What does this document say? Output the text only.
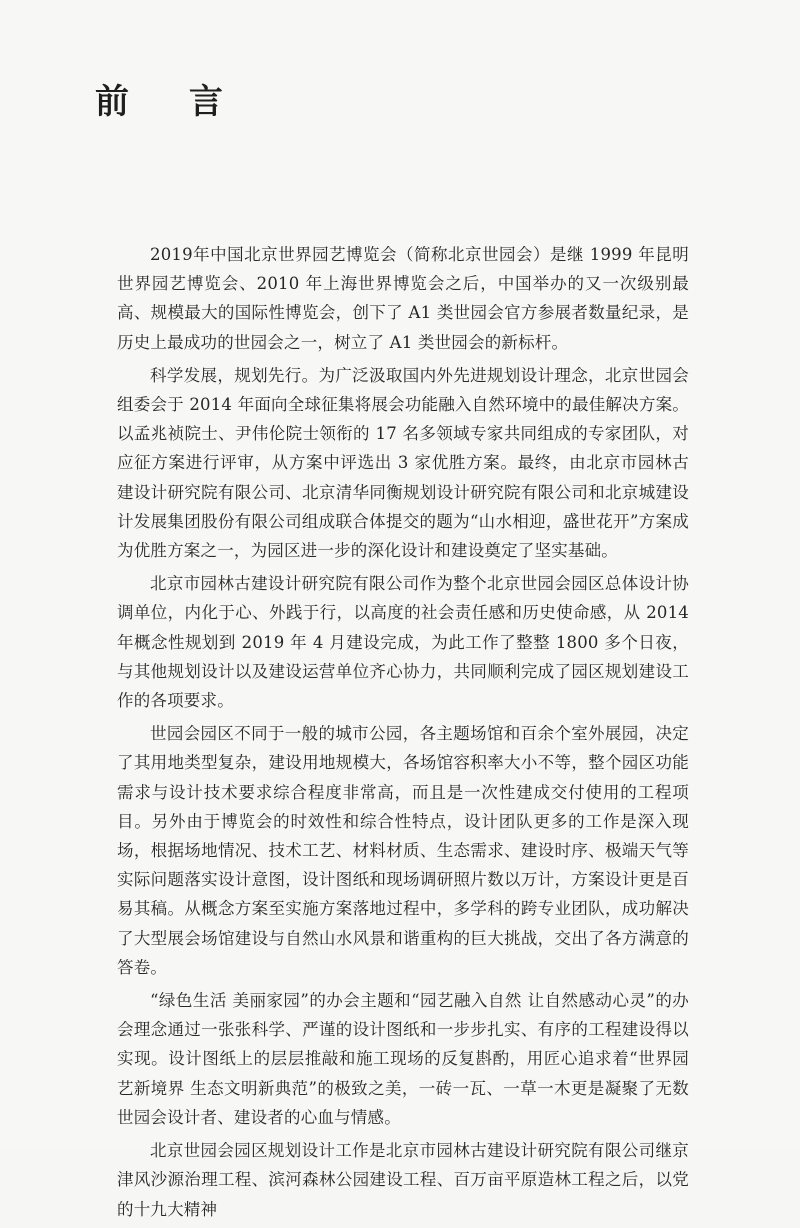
前 言

2019年中国北京世界园艺博览会（简称北京世园会）是继 1999 年昆明世界园艺博览会、2010 年上海世界博览会之后，中国举办的又一次级别最高、规模最大的国际性博览会，创下了 A1 类世园会官方参展者数量纪录，是历史上最成功的世园会之一，树立了 A1 类世园会的新标杆。

科学发展，规划先行。为广泛汲取国内外先进规划设计理念，北京世园会组委会于 2014 年面向全球征集将展会功能融入自然环境中的最佳解决方案。以孟兆祯院士、尹伟伦院士领衔的 17 名多领域专家共同组成的专家团队，对应征方案进行评审，从方案中评选出 3 家优胜方案。最终，由北京市园林古建设计研究院有限公司、北京清华同衡规划设计研究院有限公司和北京城建设计发展集团股份有限公司组成联合体提交的题为“山水相迎，盛世花开”方案成为优胜方案之一，为园区进一步的深化设计和建设奠定了坚实基础。

北京市园林古建设计研究院有限公司作为整个北京世园会园区总体设计协调单位，内化于心、外践于行，以高度的社会责任感和历史使命感，从 2014 年概念性规划到 2019 年 4 月建设完成，为此工作了整整 1800 多个日夜，与其他规划设计以及建设运营单位齐心协力，共同顺利完成了园区规划建设工作的各项要求。

世园会园区不同于一般的城市公园，各主题场馆和百余个室外展园，决定了其用地类型复杂，建设用地规模大，各场馆容积率大小不等，整个园区功能需求与设计技术要求综合程度非常高，而且是一次性建成交付使用的工程项目。另外由于博览会的时效性和综合性特点，设计团队更多的工作是深入现场，根据场地情况、技术工艺、材料材质、生态需求、建设时序、极端天气等实际问题落实设计意图，设计图纸和现场调研照片数以万计，方案设计更是百易其稿。从概念方案至实施方案落地过程中，多学科的跨专业团队，成功解决了大型展会场馆建设与自然山水风景和谐重构的巨大挑战，交出了各方满意的答卷。

“绿色生活 美丽家园”的办会主题和“园艺融入自然 让自然感动心灵”的办会理念通过一张张科学、严谨的设计图纸和一步步扎实、有序的工程建设得以实现。设计图纸上的层层推敲和施工现场的反复斟酌，用匠心追求着“世界园艺新境界 生态文明新典范”的极致之美，一砖一瓦、一草一木更是凝聚了无数世园会设计者、建设者的心血与情感。

北京世园会园区规划设计工作是北京市园林古建设计研究院有限公司继京津风沙源治理工程、滨河森林公园建设工程、百万亩平原造林工程之后，以党的十九大精神
